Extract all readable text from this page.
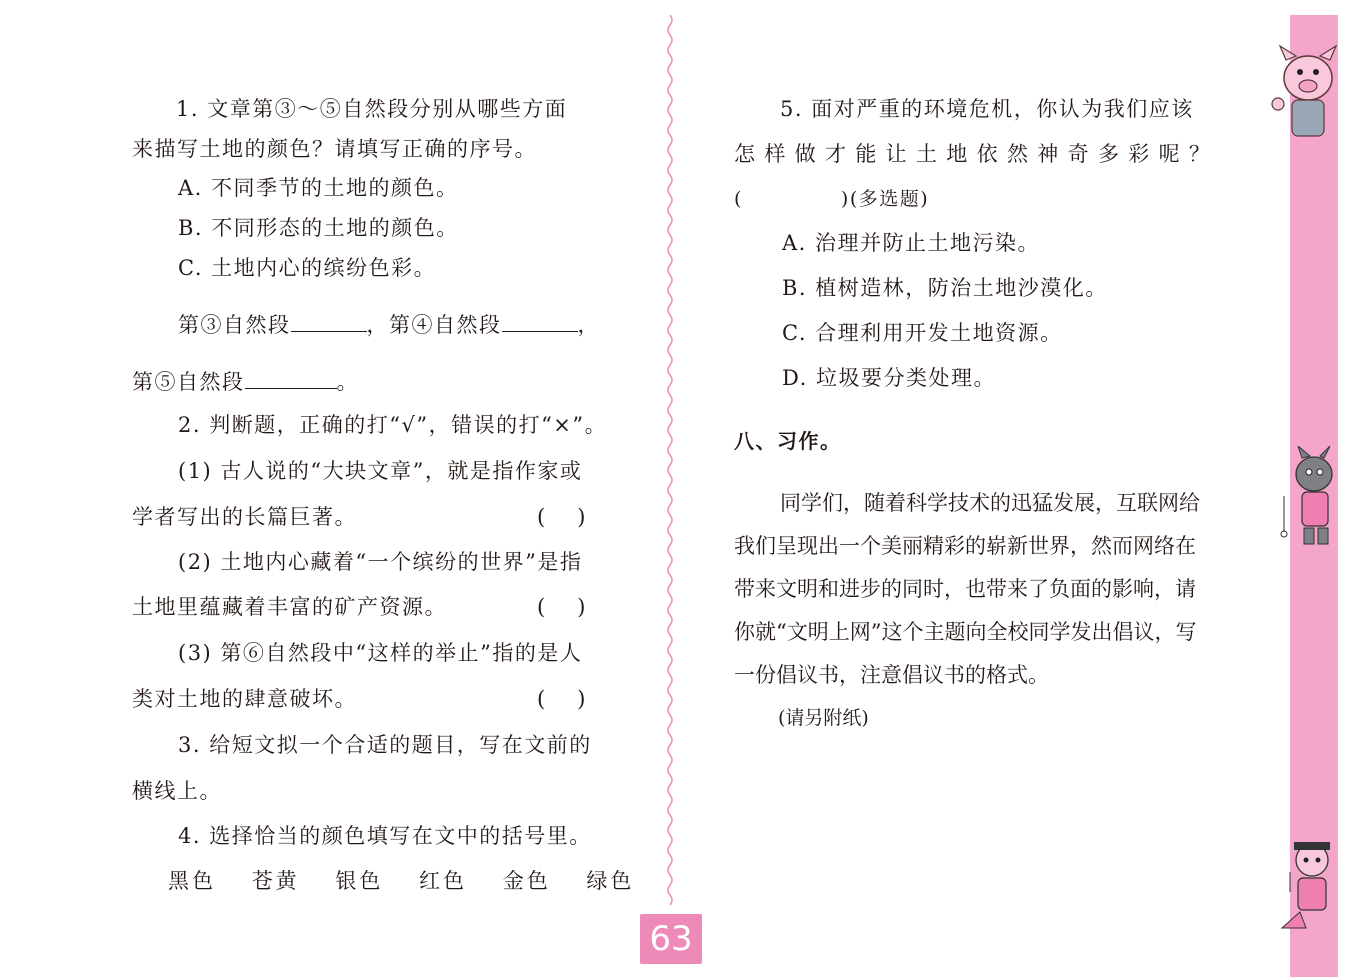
1. 文章第③～⑤自然段分别从哪些方面
来描写土地的颜色？请填写正确的序号。
A. 不同季节的土地的颜色。
B. 不同形态的土地的颜色。
C. 土地内心的缤纷色彩。
第③自然段	，第④自然段	，
第⑤自然段	。
2. 判断题，正确的打“√”，错误的打“×”。
(1) 古人说的“大块文章”，就是指作家或
学者写出的长篇巨著。	()
(2) 土地内心藏着“一个缤纷的世界”是指
土地里蕴藏着丰富的矿产资源。	()
(3) 第⑥自然段中“这样的举止”指的是人
类对土地的肆意破坏。	()
3. 给短文拟一个合适的题目，写在文前的
横线上。
4. 选择恰当的颜色填写在文中的括号里。
黑色 苍黄 银色 红色 金色 绿色
5. 面对严重的环境危机，你认为我们应该
怎 样 做 才 能 让 土 地 依 然 神 奇 多 彩 呢 ？
(	)(多选题)
A. 治理并防止土地污染。
B. 植树造林，防治土地沙漠化。
C. 合理利用开发土地资源。
D. 垃圾要分类处理。
八、习作。
同学们，随着科学技术的迅猛发展，互联网给
我们呈现出一个美丽精彩的崭新世界，然而网络在
带来文明和进步的同时，也带来了负面的影响，请
你就“文明上网”这个主题向全校同学发出倡议，写
一份倡议书，注意倡议书的格式。
(请另附纸)
63
